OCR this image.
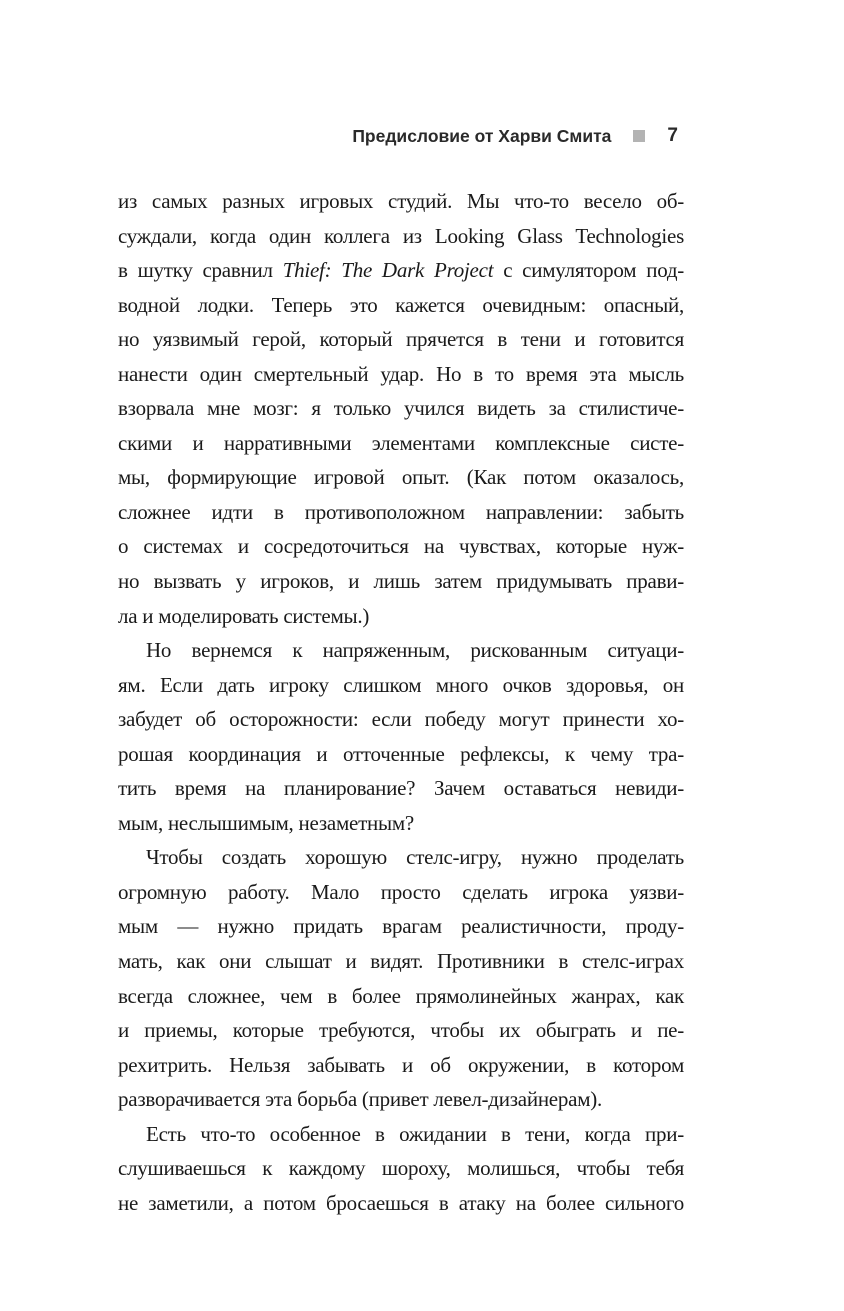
Предисловие от Харви Смита	7
из самых разных игровых студий. Мы что-то весело об-
суждали, когда один коллега из Looking Glass Technologies
в шутку сравнил Thief: The Dark Project с симулятором под-
водной лодки. Теперь это кажется очевидным: опасный,
но уязвимый герой, который прячется в тени и готовится
нанести один смертельный удар. Но в то время эта мысль
взорвала мне мозг: я только учился видеть за стилистиче-
скими и нарративными элементами комплексные систе-
мы, формирующие игровой опыт. (Как потом оказалось,
сложнее идти в противоположном направлении: забыть
о системах и сосредоточиться на чувствах, которые нуж-
но вызвать у игроков, и лишь затем придумывать прави-
ла и моделировать системы.)
Но вернемся к напряженным, рискованным ситуаци-
ям. Если дать игроку слишком много очков здоровья, он
забудет об осторожности: если победу могут принести хо-
рошая координация и отточенные рефлексы, к чему тра-
тить время на планирование? Зачем оставаться невиди-
мым, неслышимым, незаметным?
Чтобы создать хорошую стелс-игру, нужно проделать
огромную работу. Мало просто сделать игрока уязви-
мым — нужно придать врагам реалистичности, проду-
мать, как они слышат и видят. Противники в стелс-играх
всегда сложнее, чем в более прямолинейных жанрах, как
и приемы, которые требуются, чтобы их обыграть и пе-
рехитрить. Нельзя забывать и об окружении, в котором
разворачивается эта борьба (привет левел-дизайнерам).
Есть что-то особенное в ожидании в тени, когда при-
слушиваешься к каждому шороху, молишься, чтобы тебя
не заметили, а потом бросаешься в атаку на более сильного
